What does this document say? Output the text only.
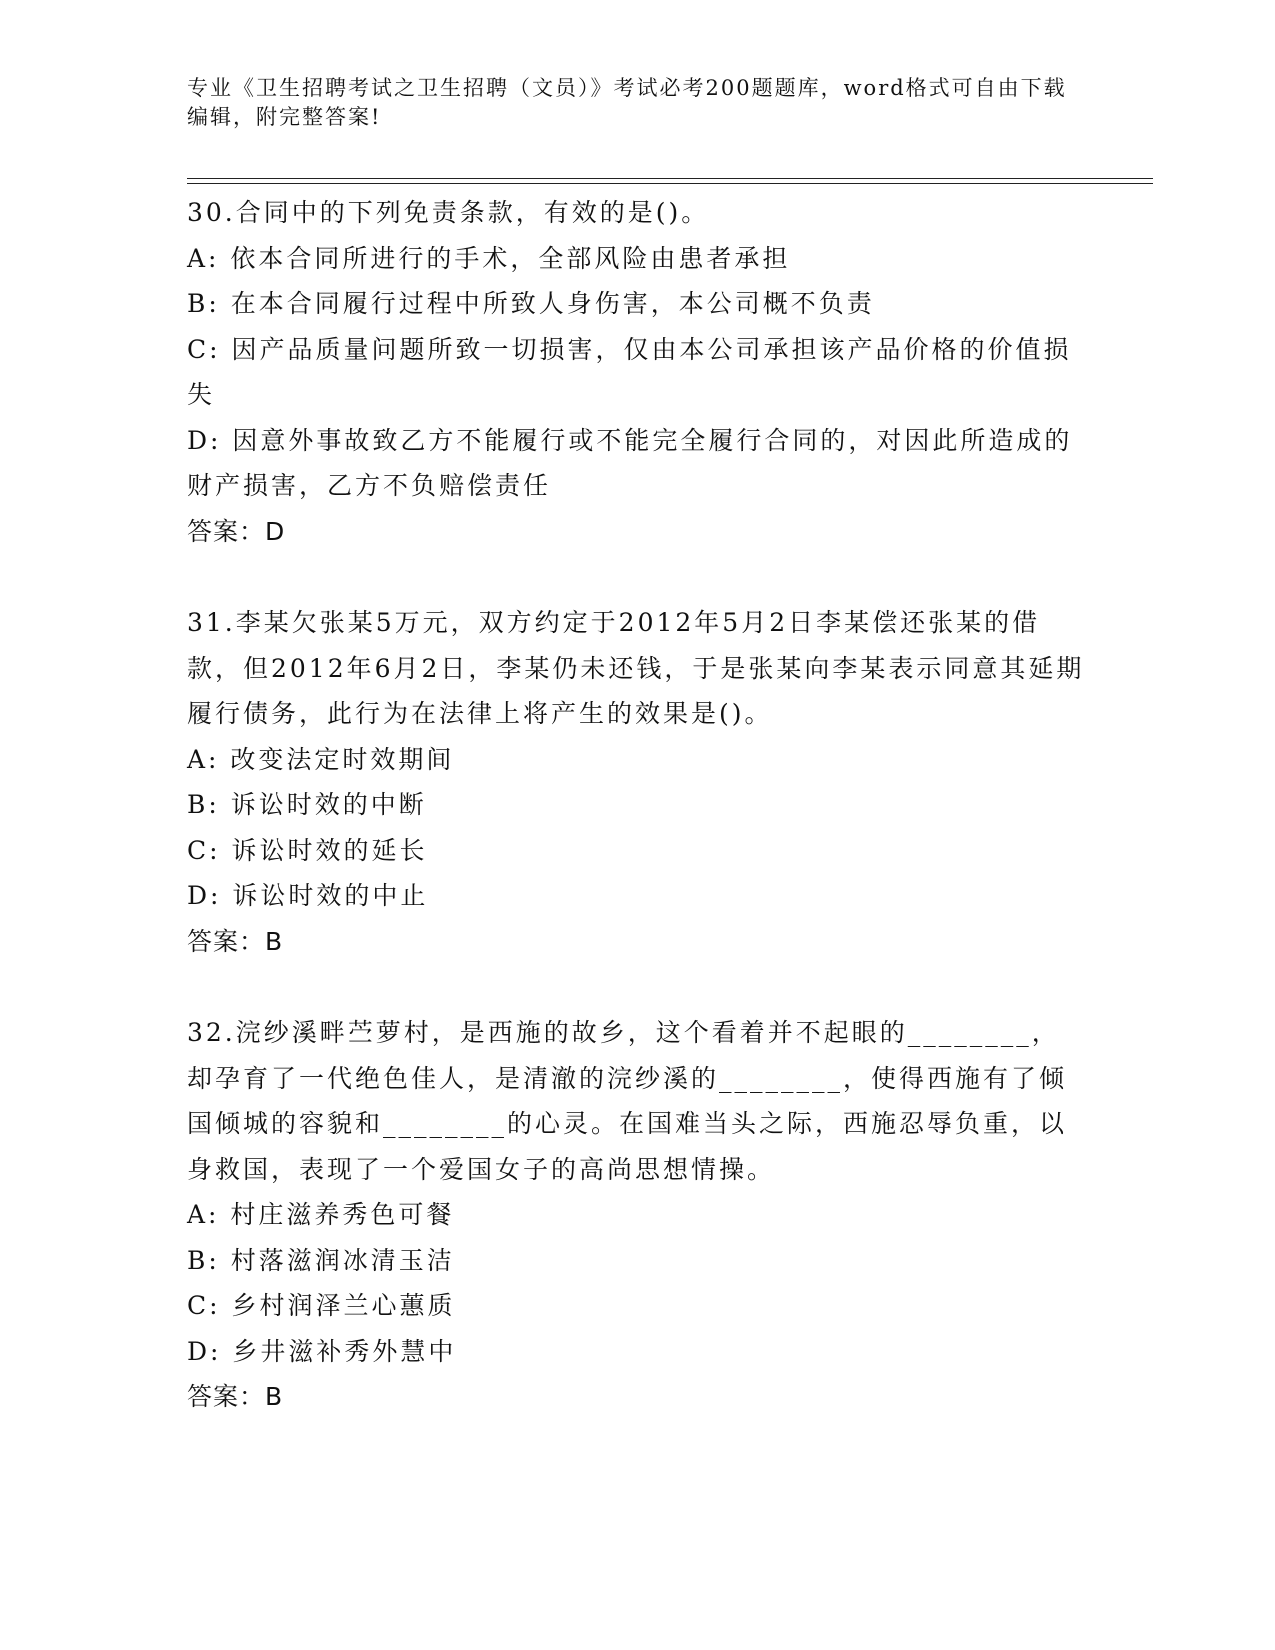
专业《卫生招聘考试之卫生招聘（文员）》考试必考200题题库，word格式可自由下载编辑，附完整答案!
30.合同中的下列免责条款，有效的是()。
A: 依本合同所进行的手术，全部风险由患者承担
B: 在本合同履行过程中所致人身伤害，本公司概不负责
C: 因产品质量问题所致一切损害，仅由本公司承担该产品价格的价值损失
D: 因意外事故致乙方不能履行或不能完全履行合同的，对因此所造成的财产损害，乙方不负赔偿责任
答案：D
31.李某欠张某5万元，双方约定于2012年5月2日李某偿还张某的借款，但2012年6月2日，李某仍未还钱，于是张某向李某表示同意其延期履行债务，此行为在法律上将产生的效果是()。
A: 改变法定时效期间
B: 诉讼时效的中断
C: 诉讼时效的延长
D: 诉讼时效的中止
答案：B
32.浣纱溪畔苎萝村，是西施的故乡，这个看着并不起眼的________，却孕育了一代绝色佳人，是清澈的浣纱溪的________，使得西施有了倾国倾城的容貌和________的心灵。在国难当头之际，西施忍辱负重，以身救国，表现了一个爱国女子的高尚思想情操。
A: 村庄滋养秀色可餐
B: 村落滋润冰清玉洁
C: 乡村润泽兰心蕙质
D: 乡井滋补秀外慧中
答案：B
